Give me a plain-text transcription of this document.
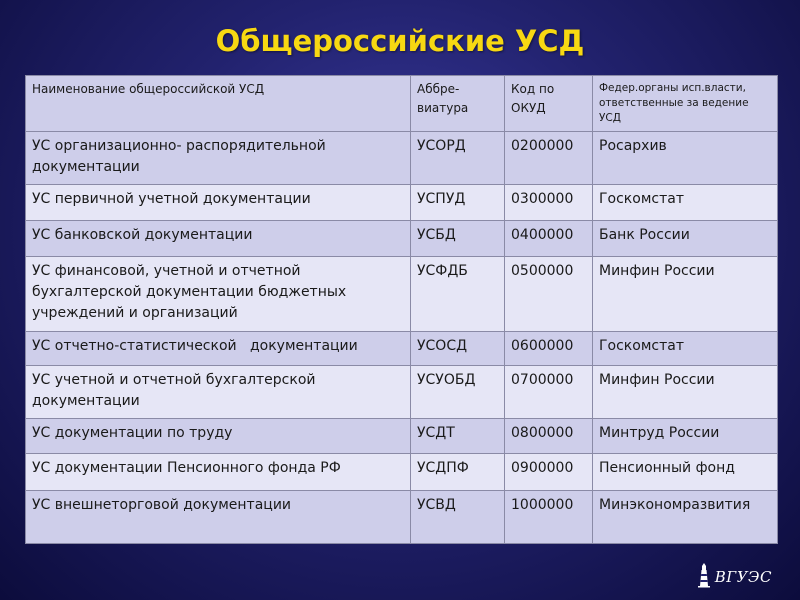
Общероссийские УСД
Наименование общероссийской УСД	Аббре-виатура	Код по ОКУД	Федер.органы исп.власти, ответственные за ведение УСД
УС организационно- распорядительной документации	УСОРД	0200000	Росархив
УС первичной учетной документации	УСПУД	0300000	Госкомстат
УС банковской документации	УСБД	0400000	Банк России
УС финансовой, учетной и отчетной бухгалтерской документации бюджетных учреждений и организаций	УСФДБ	0500000	Минфин России
УС отчетно-статистической   документации	УСОСД	0600000	Госкомстат
УС учетной и отчетной бухгалтерской документации	УСУОБД	0700000	Минфин России
УС документации по труду	УСДТ	0800000	Минтруд России
УС документации Пенсионного фонда РФ	УСДПФ	0900000	Пенсионный фонд
УС внешнеторговой документации	УСВД	1000000	Минэкономразвития
ВГУЭС
